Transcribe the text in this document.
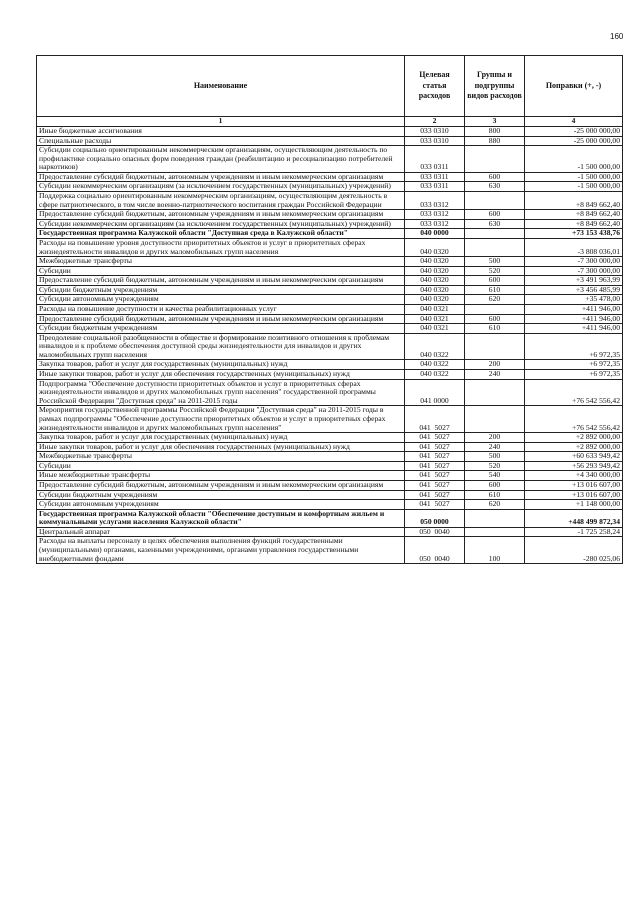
160
Наименование	Целевая статья расходов	Группы и подгруппы видов расходов	Поправки (+, -)
1	2	3	4
Иные бюджетные ассигнования	033 0310	800	-25 000 000,00
Специальные расходы	033 0310	880	-25 000 000,00
Субсидии социально ориентированным некоммерческим организациям, осуществляющим деятельность по профилактике социально опасных форм поведения граждан (реабилитацию и ресоциализацию потребителей наркотиков)	033 0311		-1 500 000,00
Предоставление субсидий бюджетным, автономным учреждениям и иным некоммерческим организациям	033 0311	600	-1 500 000,00
Субсидии некоммерческим организациям (за исключением государственных (муниципальных) учреждений)	033 0311	630	-1 500 000,00
Поддержка социально ориентированным некоммерческим организациям, осуществляющим деятельность в сфере патриотического, в том числе военно-патриотического воспитания граждан Российской Федерации	033 0312		+8 849 662,40
Предоставление субсидий бюджетным, автономным учреждениям и иным некоммерческим организациям	033 0312	600	+8 849 662,40
Субсидии некоммерческим организациям (за исключением государственных (муниципальных) учреждений)	033 0312	630	+8 849 662,40
Государственная программа Калужской области "Доступная среда в Калужской области"	040 0000		+73 153 438,76
Расходы на повышение уровня доступности приоритетных объектов и услуг в приоритетных сферах жизнедеятельности инвалидов и других маломобильных групп населения	040 0320		-3 808 036,01
Межбюджетные трансферты	040 0320	500	-7 300 000,00
Субсидии	040 0320	520	-7 300 000,00
Предоставление субсидий бюджетным, автономным учреждениям и иным некоммерческим организациям	040 0320	600	+3 491 963,99
Субсидии бюджетным учреждениям	040 0320	610	+3 456 485,99
Субсидии автономным учреждениям	040 0320	620	+35 478,00
Расходы на повышение доступности и качества реабилитационных услуг	040 0321		+411 946,00
Предоставление субсидий бюджетным, автономным учреждениям и иным некоммерческим организациям	040 0321	600	+411 946,00
Субсидии бюджетным учреждениям	040 0321	610	+411 946,00
Преодоление социальной разобщенности в обществе и формирование позитивного отношения к проблемам инвалидов и к проблеме обеспечения доступной среды жизнедеятельности для инвалидов и других маломобильных групп населения	040 0322		+6 972,35
Закупка товаров, работ и услуг для государственных (муниципальных) нужд	040 0322	200	+6 972,35
Иные закупки товаров, работ и услуг для обеспечения государственных (муниципальных) нужд	040 0322	240	+6 972,35
Подпрограмма "Обеспечение доступности приоритетных объектов и услуг в приоритетных сферах жизнедеятельности инвалидов и других маломобильных групп населения" государственной программы Российской Федерации "Доступная среда" на 2011-2015 годы	041 0000		+76 542 556,42
Мероприятия государственной программы Российской Федерации "Доступная среда" на 2011-2015 годы в рамках подпрограммы "Обеспечение доступности приоритетных объектов и услуг в приоритетных сферах жизнедеятельности инвалидов и других маломобильных групп населения"	041  5027		+76 542 556,42
Закупка товаров, работ и услуг для государственных (муниципальных) нужд	041  5027	200	+2 892 000,00
Иные закупки товаров, работ и услуг для обеспечения государственных (муниципальных) нужд	041  5027	240	+2 892 000,00
Межбюджетные трансферты	041  5027	500	+60 633 949,42
Субсидии	041  5027	520	+56 293 949,42
Иные межбюджетные трансферты	041  5027	540	+4 340 000,00
Предоставление субсидий бюджетным, автономным учреждениям и иным некоммерческим организациям	041  5027	600	+13 016 607,00
Субсидии бюджетным учреждениям	041  5027	610	+13 016 607,00
Субсидии автономным учреждениям	041  5027	620	+1 148 000,00
Государственная программа Калужской области "Обеспечение доступным и комфортным жильем и коммунальными услугами населения Калужской области"	050 0000		+448 499 872,34
Центральный аппарат	050  0040		-1 725 258,24
Расходы на выплаты персоналу в целях обеспечения выполнения функций государственными (муниципальными) органами, казенными учреждениями, органами управления государственными внебюджетными фондами	050  0040	100	-280 025,06
